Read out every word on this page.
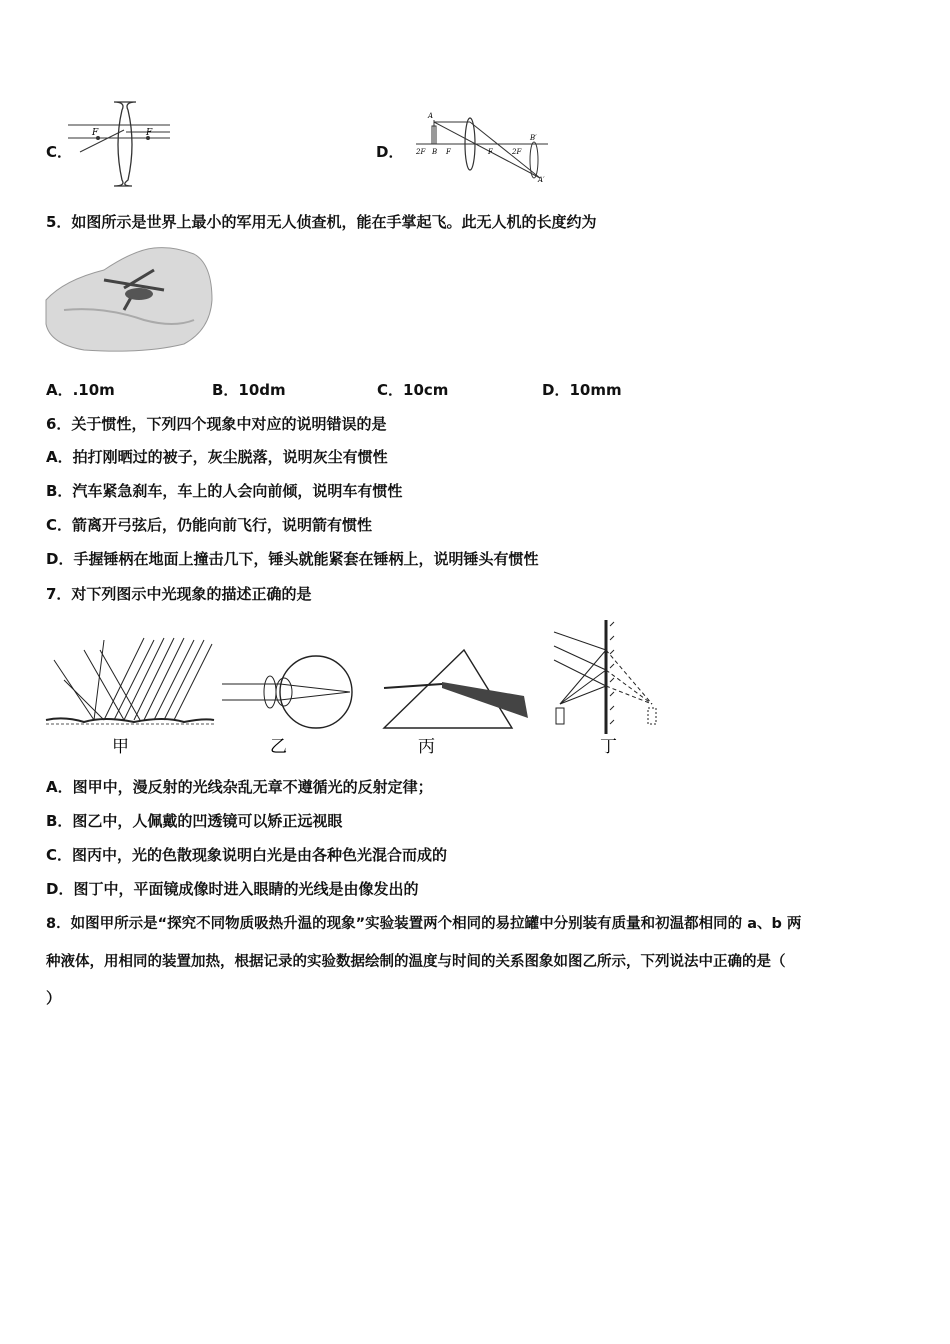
C．
F	F
D．
A
2F B F	F	2F
B′
A′
5．如图所示是世界上最小的军用无人侦查机，能在手掌起飞。此无人机的长度约为
A．.10m	B．10dm	C．10cm	D．10mm
6．关于惯性，下列四个现象中对应的说明错误的是
A．拍打刚晒过的被子，灰尘脱落，说明灰尘有惯性
B．汽车紧急刹车，车上的人会向前倾，说明车有惯性
C．箭离开弓弦后，仍能向前飞行，说明箭有惯性
D．手握锤柄在地面上撞击几下，锤头就能紧套在锤柄上，说明锤头有惯性
7．对下列图示中光现象的描述正确的是
甲	乙	丙	丁
A．图甲中，漫反射的光线杂乱无章不遵循光的反射定律；
B．图乙中，人佩戴的凹透镜可以矫正远视眼
C．图丙中，光的色散现象说明白光是由各种色光混合而成的
D．图丁中，平面镜成像时进入眼睛的光线是由像发出的
8．如图甲所示是“探究不同物质吸热升温的现象”实验装置两个相同的易拉罐中分别装有质量和初温都相同的 a、b 两
种液体，用相同的装置加热，根据记录的实验数据绘制的温度与时间的关系图象如图乙所示，下列说法中正确的是（
）
